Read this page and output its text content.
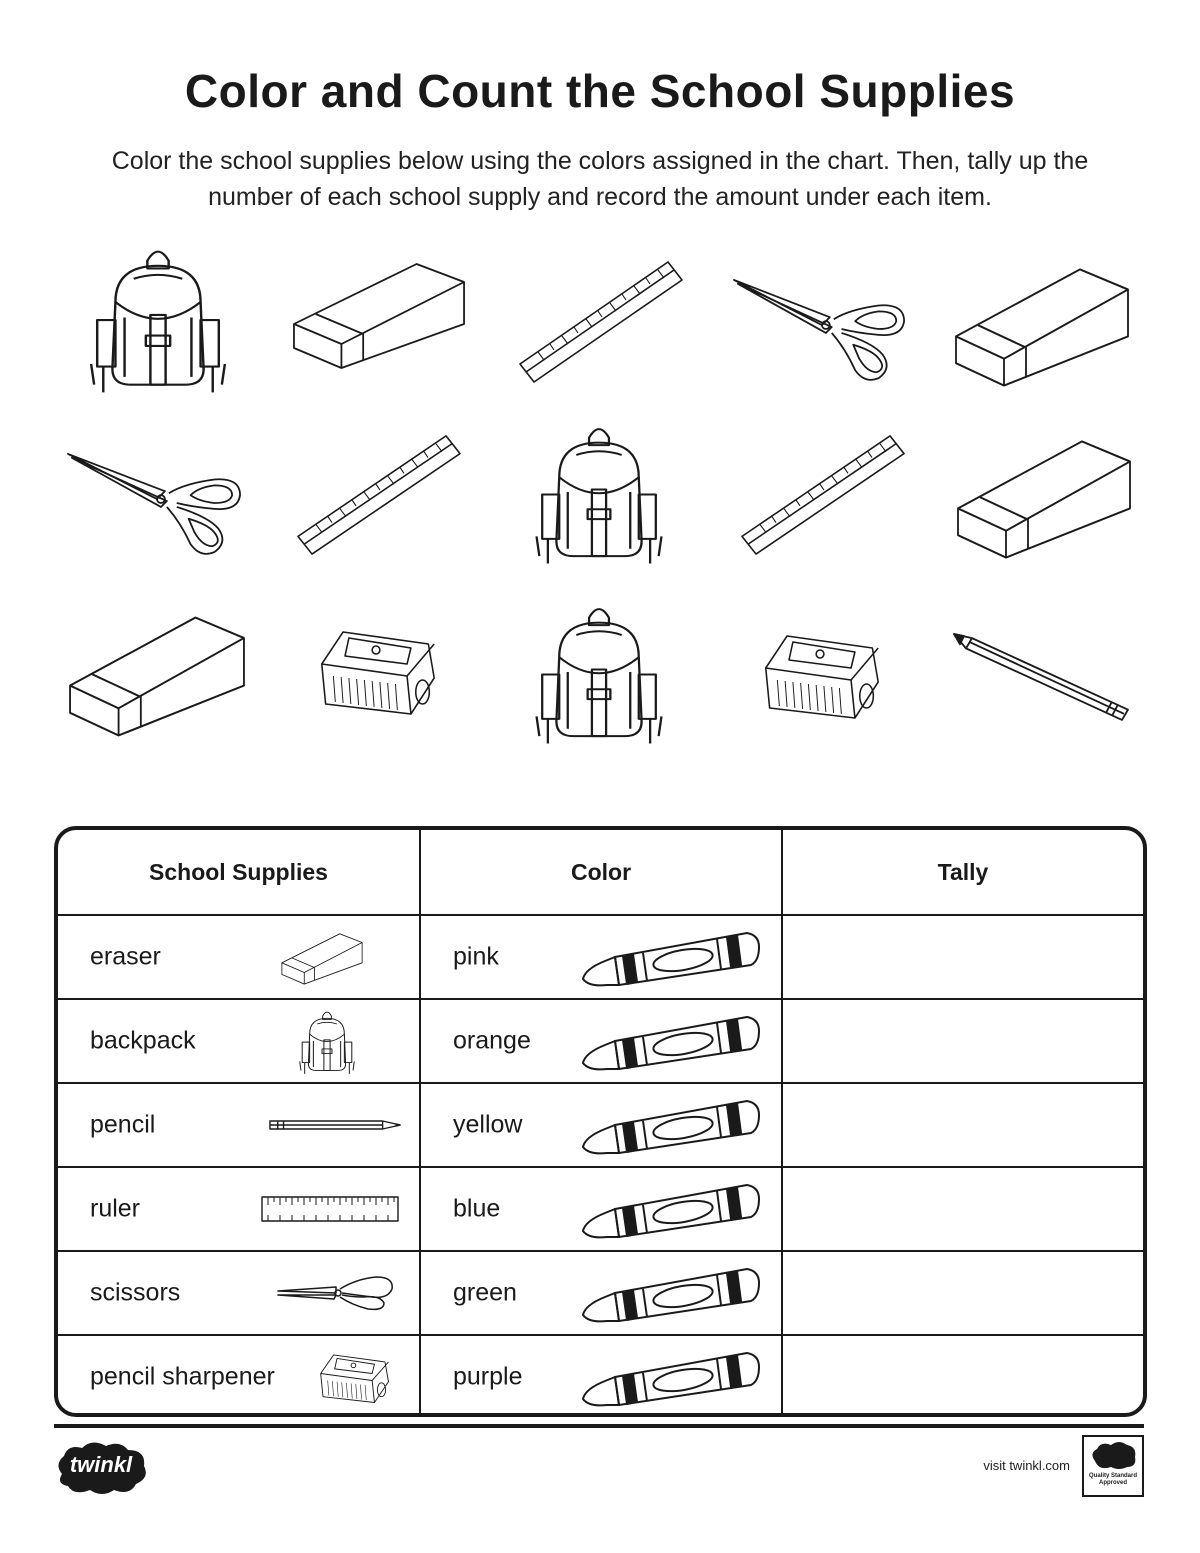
Color and Count the School Supplies

Color the school supplies below using the colors assigned in the chart. Then, tally up the number of each school supply and record the amount under each item.

School Supplies	Color	Tally

eraser	pink	

backpack	orange	

pencil	yellow	

ruler	blue	

scissors	green	

pencil sharpener	purple	

twinkl	visit twinkl.com
Quality Standard Approved
